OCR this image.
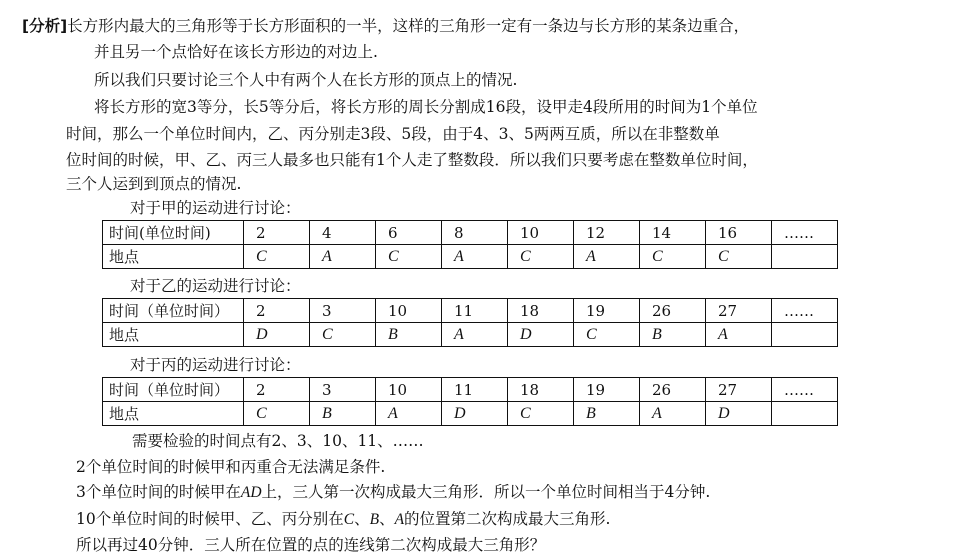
[分析]长方形内最大的三角形等于长方形面积的一半，这样的三角形一定有一条边与长方形的某条边重合，
并且另一个点恰好在该长方形边的对边上.
所以我们只要讨论三个人中有两个人在长方形的顶点上的情况.
将长方形的宽3等分，长5等分后，将长方形的周长分割成16段，设甲走4段所用的时间为1个单位
时间，那么一个单位时间内，乙、丙分别走3段、5段，由于4、3、5两两互质，所以在非整数单
位时间的时候，甲、乙、丙三人最多也只能有1个人走了整数段．所以我们只要考虑在整数单位时间，
三个人运到到顶点的情况.
对于甲的运动进行讨论：
时间(单位时间)	2	4	6	8	10	12	14	16	……
地点	C	A	C	A	C	A	C	C	
对于乙的运动进行讨论：
时间（单位时间）	2	3	10	11	18	19	26	27	……
地点	D	C	B	A	D	C	B	A	
对于丙的运动进行讨论：
时间（单位时间）	2	3	10	11	18	19	26	27	……
地点	C	B	A	D	C	B	A	D	
需要检验的时间点有2、3、10、11、……
2个单位时间的时候甲和丙重合无法满足条件.
3个单位时间的时候甲在AD上，三人第一次构成最大三角形．所以一个单位时间相当于4分钟.
10个单位时间的时候甲、乙、丙分别在C、B、A的位置第二次构成最大三角形.
所以再过40分钟．三人所在位置的点的连线第二次构成最大三角形？
